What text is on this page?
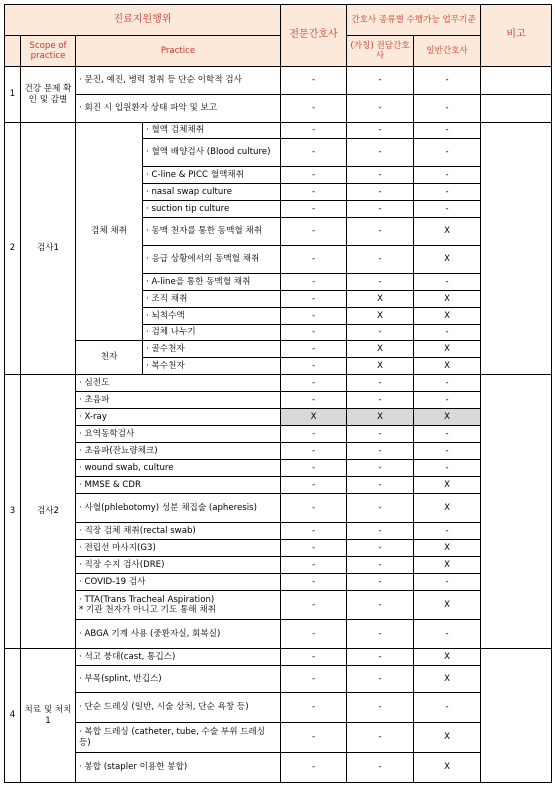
진료지원행위				전문간호사	간호사 종류별 수행가능 업무기준		비고
	Scope of practice	Practice			(가칭) 전담간호사	일반간호사	
1	건강 문제 확인 및 감별	· 문진, 예진, 병력 청취 등 단순 이학적 검사		-	-	-	
		· 회진 시 입원환자 상태 파악 및 보고		-	-	-	
2	검사1	검체 채취	· 혈액 검체채취	-	-	-	
			· 혈액 배양검사 (Blood culture)	-	-	-	
			· C-line & PICC 혈액채취	-	-	-	
			· nasal swap culture	-	-	-	
			· suction tip culture	-	-	-	
			· 동맥 천자를 통한 동맥혈 채취	-	-	X	
			· 응급 상황에서의 동맥혈 채취	-	-	X	
			· A-line을 통한 동맥혈 채취	-	-	-	
			· 조직 채취	-	X	X	
			· 뇌척수액	-	X	X	
			· 검체 나누기	-	-	-	

		천자	· 골수천자	-	X	X	
			· 복수천자	-	X	X	
3	검사2	· 심전도		-	-	-	
		· 초음파		-	-	-	
		· X-ray		X	X	X	
		· 요역동학검사		-	-	-	
		· 초음파(잔뇨량체크)		-	-	-	
		· wound swab, culture		-	-	-	
		· MMSE & CDR		-	-	X	
		· 사혈(phlebotomy) 성분 채집술 (apheresis)		-	-	X	
		· 직장 검체 채취(rectal swab)		-	-	-	
		· 전립선 마사지(G3)		-	-	X	
		· 직장 수지 검사(DRE)		-	-	X	
		· COVID-19 검사		-	-	-	

		· TTA(Trans Tracheal Aspiration)
* 기관 천자가 아니고 기도 통해 채취		-	-	X	
		· ABGA 기계 사용 (중환자실, 회복실)		-	-	-	
4	치료 및 처치1	· 석고 붕대(cast, 통깁스)		-	-	X	
		· 부목(splint, 반깁스)		-	-	X	
		· 단순 드레싱 (일반, 시술 상처, 단순 욕창 등)		-	-	-	
		· 복합 드레싱 (catheter, tube, 수술 부위 드레싱 등)		-	-	X	
		· 봉합 (stapler 이용한 봉합)		-	-	X	
